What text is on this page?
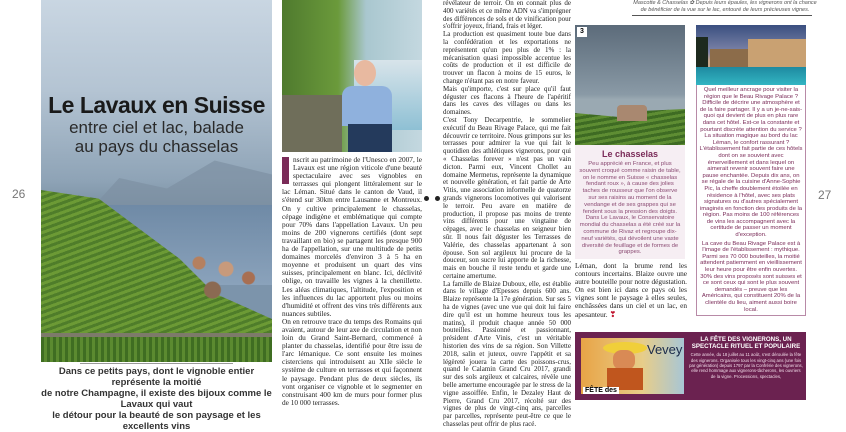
26
Le Lavaux en Suisse
entre ciel et lac, balade
au pays du chasselas
Dans ce petits pays, dont le vignoble entier représente la moitié
de notre Champagne, il existe des bijoux comme le Lavaux qui vaut
le détour pour la beauté de son paysage et les excellents vins

nscrit au patrimoine de l'Unesco en 2007, le Lavaux est une région viticole d'une beauté spectaculaire avec ses vignobles en terrasses qui plongent littéralement sur le lac Léman. Situé dans le canton de Vaud, il s'étend sur 30km entre Lausanne et Montreux. On y cultive principalement le chasselas, cépage indigène et emblématique qui compte pour 70% dans l'appellation Lavaux. Un peu moins de 200 vignerons certifiés (dont sept travaillant en bio) se partagent les presque 900 ha de l'appellation, sur une multitude de petits domaines morcelés d'environ 3 à 5 ha en moyenne et produisent un quart des vins suisses, principalement en blanc. Ici, déclivité oblige, on travaille les vignes à la chenillette. Les aléas climatiques, l'altitude, l'exposition et les influences du lac apportent plus ou moins d'humidité et offrent des vins très différents aux nuances subtiles.

On en retrouve trace du temps des Romains qui avaient, autour de leur axe de circulation et non loin du Grand Saint-Bernard, commencé à planter du chasselas, identifié pour être issu de l'arc lémanique. Ce sont ensuite les moines cisterciens qui introduisent au XIIe siècle le système de culture en terrasses et qui façonnent le paysage. Pendant plus de deux siècles, ils vont organiser ce vignoble et le segmenter en construisant 400 km de murs pour former plus de 10 000 terrasses.

révélateur de terroir. On en connait plus de 400 variétés et ce même ADN va s'imprégner des différences de sols et de vinification pour s'offrir joyeux, friand, frais et léger.

La production est quasiment toute bue dans la confédération et les exportations ne représentent qu'un peu plus de 1% : la mécanisation quasi impossible accentue les coûts de production et il est difficile de trouver un flacon à moins de 15 euros, le change n'étant pas en notre faveur.

Mais qu'importe, c'est sur place qu'il faut déguster ces flacons à l'heure de l'apéritif dans les caves des villages ou dans les domaines.

C'est Tony Decarpentrie, le sommelier exécutif du Beau Rivage Palace, qui me fait découvrir ce territoire. Nous grimpons sur les terrasses pour admirer la vue qui fait le quotidien des athlétiques vignerons, pour qui « Chasselas forever » n'est pas un vain dicton. Parmi eux, Vincent Chollet au domaine Mermetus, représente la dynamique et nouvelle génération, et fait partie de Arte Vitis, une association informelle de quatorze grands vignerons locomotives qui valorisent le terroir. Peu avare en matière de production, il propose pas moins de trente vins différents pour une vingtaine de cépages, avec le chasselas en seigneur bien sûr. Il nous fait déguster les Terrasses de Valérie, des chasselas appartenant à son épouse. Son sol argileux lui procure de la douceur, son sucre lui apporte de la richesse, mais en bouche il reste tendu et garde une certaine amertume.

La famille de Blaize Duboux, elle, est établie dans le village d'Epesses depuis 600 ans. Blaize représente la 17e génération. Sur ses 5 ha de vignes (avec une vue qui doit lui faire dire qu'il est un homme heureux tous les matins), il produit chaque année 50 000 bouteilles. Passionné et passionnant, président d'Arte Vinis, c'est un véritable historien des vins de sa région. Son Villette 2018, salin et juteux, ouvre l'appétit et sa légèreté jouera la carte des poissons-crus, quand le Calamin Grand Cru 2017, grandi sur des sols argileux et calcaires, révèle une belle amertume encouragée par le stress de la vigne assoiffée. Enfin, le Dezaley Haut de Pierre, Grand Cru 2017, récolté sur des vignes de plus de vingt-cinq ans, parcelles par parcelles, représente peut-être ce que le chasselas peut offrir de plus racé.

Mascotte & Chasselas ✿ Depuis leurs épaules, les vignerons ont la chance
de bénéficier de la vue sur le lac, entouré de leurs précieuses vignes.
3
Le chasselas

Peu apprécié en France, et plus souvent croqué comme raisin de table, on le nomme en Suisse « chasselas fendant roux », à cause des jolies taches de rousseur que l'on observe sur ses raisins au moment de la vendange et de ses grappes qui se fendent sous la pression des doigts. Dans Le Lavaux, le Conservatoire mondial du chasselas a été créé sur la commune de Rivaz et regroupe dix-neuf variétés, qui dévoilent une vaste diversité de feuillage et de formes de grappes.

Léman, dont la brume rend les contours incertains. Blaize ouvre une autre bouteille pour notre dégustation. On est bien ici dans ce pays où les vignes sont le paysage à elles seules, enchâssées dans un ciel et un lac, en apesanteur. ❣

Quel meilleur ancrage pour visiter la région que le Beau Rivage Palace ? Difficile de décrire une atmosphère et de la faire partager. Il y a un je-ne-sais-quoi qui devient de plus en plus rare dans cet hôtel. Est-ce la constante et pourtant discrète attention du service ? La situation magique au bord du lac Léman, le confort rassurant ? L'établissement fait partie de ces hôtels dont on se souvient avec émerveillement et dans lequel on aimerait revenir souvent faire une pause enchantée. Depuis dix ans, on se régale de la cuisine d'Anne-Sophie Pic, la cheffe doublement étoilée en résidence à l'hôtel, avec ses plats signatures ou d'autres spécialement imaginés en fonction des produits de la région. Pas moins de 100 références de vins les accompagnent avec la certitude de passer un moment d'exception.

La cave du Beau Rivage Palace est à l'image de l'établissement : mythique. Parmi ses 70 000 bouteilles, la moitié attendent patiemment en vieillissement leur heure pour être enfin ouvertes. 30% des vins proposés sont suisses et ce sont ceux qui sont le plus souvent demandés – preuve que les Américains, qui constituent 20% de la clientèle du lieu, aiment aussi boire local.

27
Vevey
FÊTE des
LA FÊTE DES VIGNERONS, UN SPECTACLE RITUEL ET POPULAIRE

Cette année, du 18 juillet au 11 août, s'est déroulée la fête des vignerons. Organisée tous les vingt-cinq ans (une fois par génération) depuis 1797 par la Confrérie des vignerons, elle rend hommage aux vignerons-tâcherons, les ouvriers de la vigne. Processions, spectacles,
